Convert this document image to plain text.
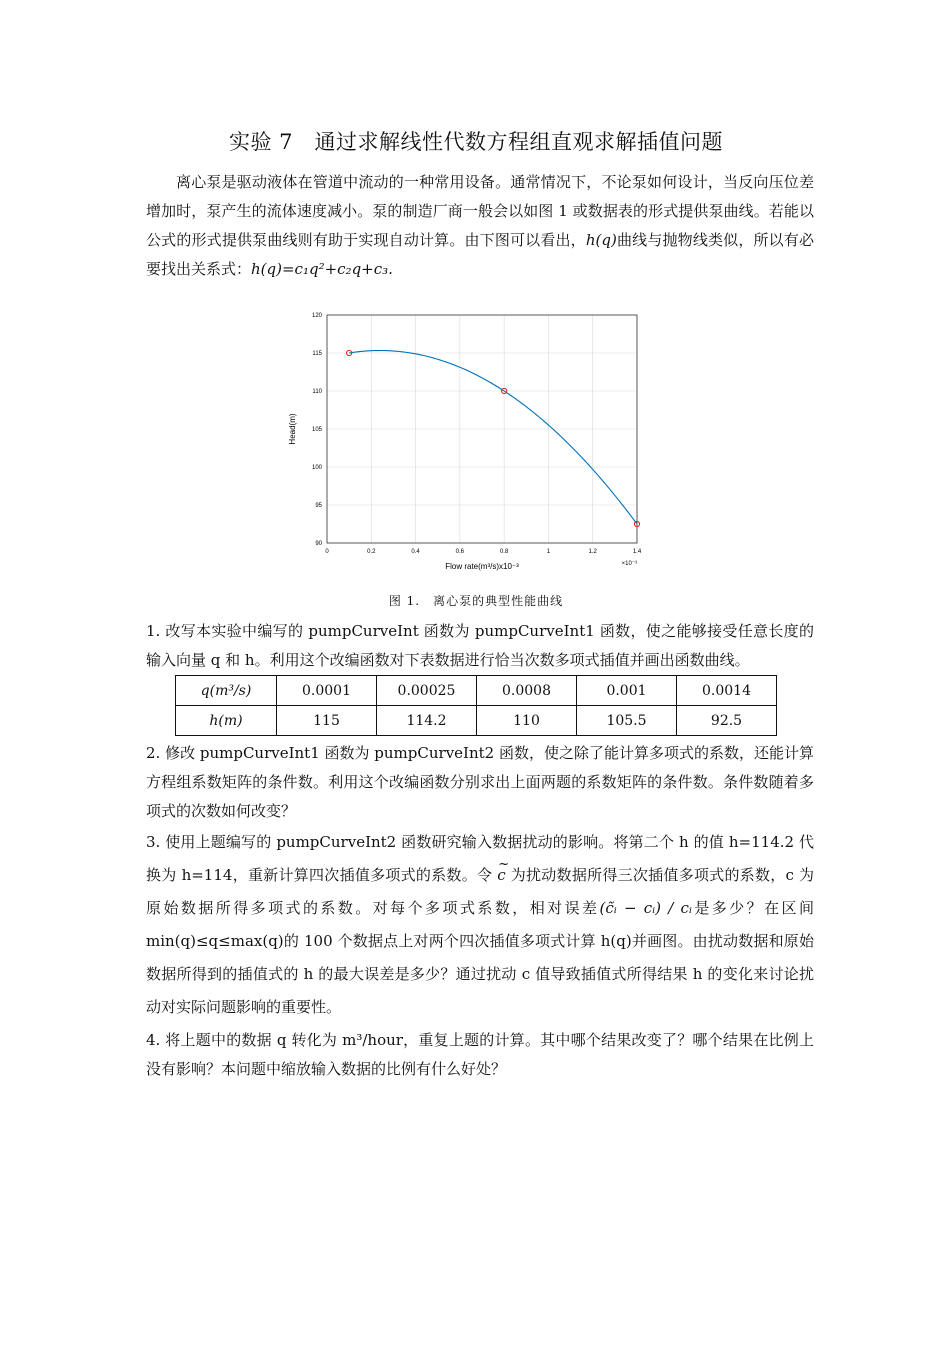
实验 7　通过求解线性代数方程组直观求解插值问题
离心泵是驱动液体在管道中流动的一种常用设备。通常情况下，不论泵如何设计，当反向压位差增加时，泵产生的流体速度减小。泵的制造厂商一般会以如图 1 或数据表的形式提供泵曲线。若能以公式的形式提供泵曲线则有助于实现自动计算。由下图可以看出，h(q)曲线与抛物线类似，所以有必要找出关系式：h(q)=c₁q²+c₂q+c₃.
0	0.2	0.4	0.6	0.8	1	1.2	1.4
90
95
100
105
110
115
120
Flow rate(m³/s)x10⁻³	×10⁻³
Head(m)
图 1.　离心泵的典型性能曲线
1. 改写本实验中编写的 pumpCurveInt 函数为 pumpCurveInt1 函数，使之能够接受任意长度的输入向量 q 和 h。利用这个改编函数对下表数据进行恰当次数多项式插值并画出函数曲线。
q(m³/s)	0.0001	0.00025	0.0008	0.001	0.0014
h(m)	115	114.2	110	105.5	92.5
2. 修改 pumpCurveInt1 函数为 pumpCurveInt2 函数，使之除了能计算多项式的系数，还能计算方程组系数矩阵的条件数。利用这个改编函数分别求出上面两题的系数矩阵的条件数。条件数随着多项式的次数如何改变？
3. 使用上题编写的 pumpCurveInt2 函数研究输入数据扰动的影响。将第二个 h 的值 h=114.2 代换为 h=114，重新计算四次插值多项式的系数。令 ~ c 为扰动数据所得三次插值多项式的系数，c 为原始数据所得多项式的系数。对每个多项式系数，相对误差(c̃ᵢ − cᵢ) / cᵢ是多少？在区间 min(q)≤q≤max(q)的 100 个数据点上对两个四次插值多项式计算 h(q)并画图。由扰动数据和原始数据所得到的插值式的 h 的最大误差是多少？通过扰动 c 值导致插值式所得结果 h 的变化来讨论扰动对实际问题影响的重要性。
4. 将上题中的数据 q 转化为 m³/hour，重复上题的计算。其中哪个结果改变了？哪个结果在比例上没有影响？本问题中缩放输入数据的比例有什么好处？
